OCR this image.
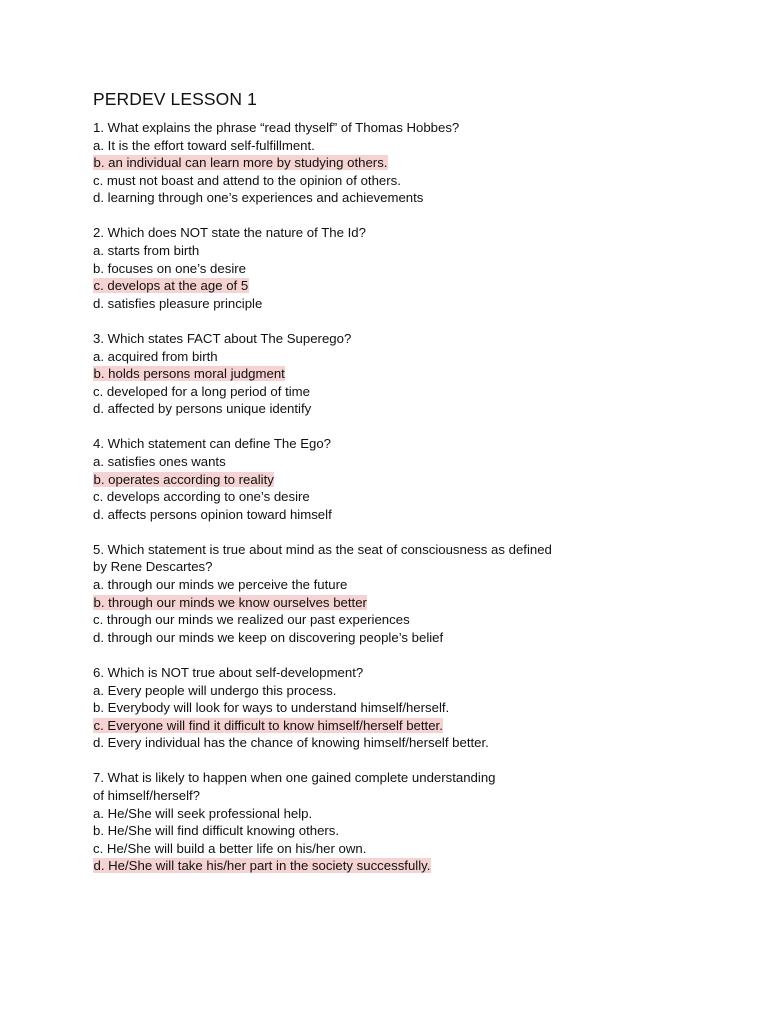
PERDEV LESSON 1
1. What explains the phrase “read thyself” of Thomas Hobbes?
a. It is the effort toward self-fulfillment.
b. an individual can learn more by studying others.
c. must not boast and attend to the opinion of others.
d. learning through one’s experiences and achievements
2. Which does NOT state the nature of The Id?
a. starts from birth
b. focuses on one’s desire
c. develops at the age of 5
d. satisfies pleasure principle
3. Which states FACT about The Superego?
a. acquired from birth
b. holds persons moral judgment
c. developed for a long period of time
d. affected by persons unique identify
4. Which statement can define The Ego?
a. satisfies ones wants
b. operates according to reality
c. develops according to one’s desire
d. affects persons opinion toward himself
5. Which statement is true about mind as the seat of consciousness as defined
by Rene Descartes?
a. through our minds we perceive the future
b. through our minds we know ourselves better
c. through our minds we realized our past experiences
d. through our minds we keep on discovering people’s belief
6. Which is NOT true about self-development?
a. Every people will undergo this process.
b. Everybody will look for ways to understand himself/herself.
c. Everyone will find it difficult to know himself/herself better.
d. Every individual has the chance of knowing himself/herself better.
7. What is likely to happen when one gained complete understanding
of himself/herself?
a. He/She will seek professional help.
b. He/She will find difficult knowing others.
c. He/She will build a better life on his/her own.
d. He/She will take his/her part in the society successfully.
